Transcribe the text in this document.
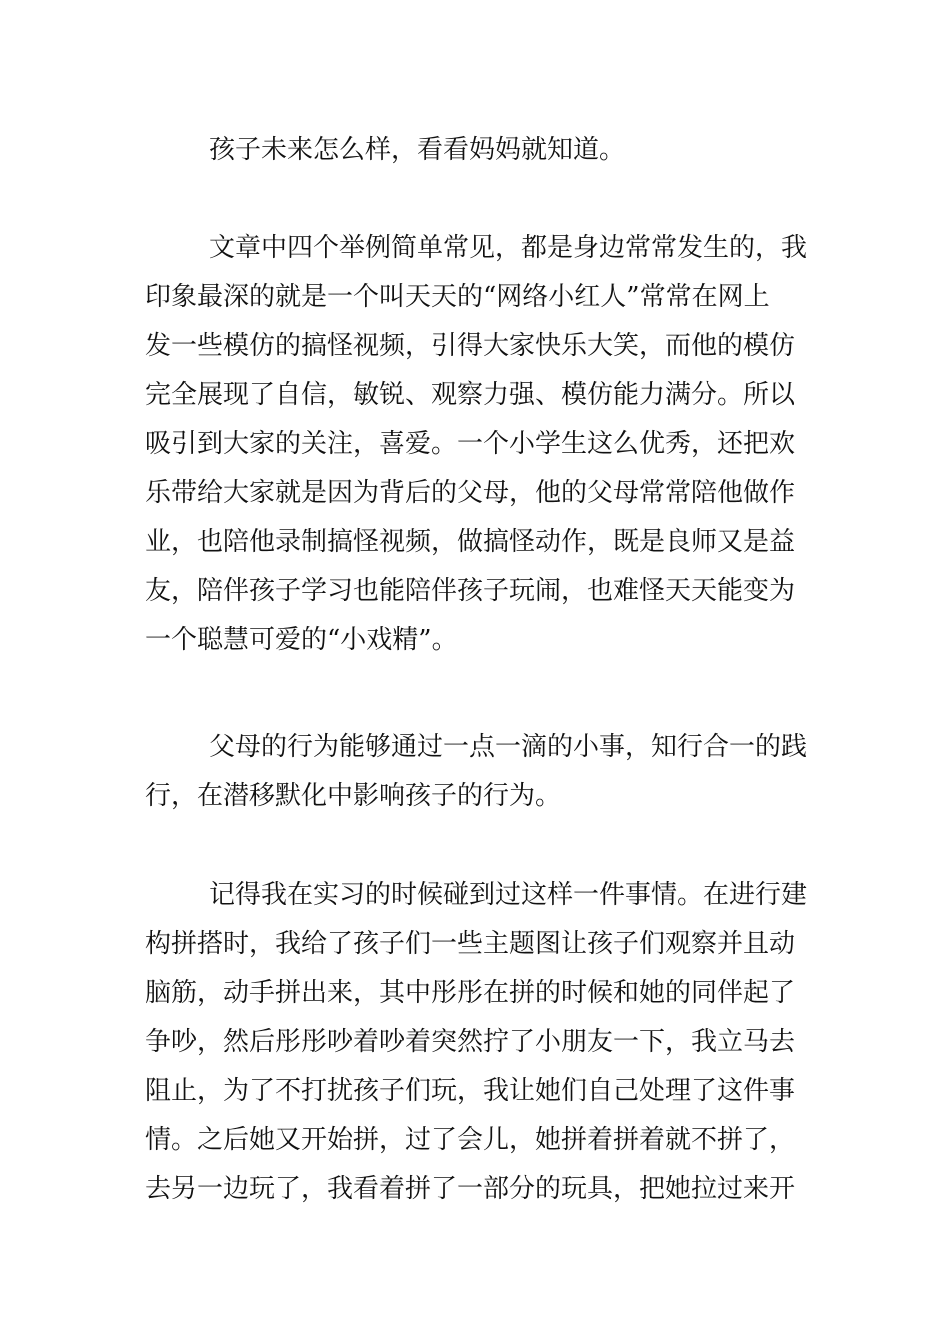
孩子未来怎么样，看看妈妈就知道。
文章中四个举例简单常见，都是身边常常发生的，我
印象最深的就是一个叫天天的“网络小红人”常常在网上
发一些模仿的搞怪视频，引得大家快乐大笑，而他的模仿
完全展现了自信，敏锐、观察力强、模仿能力满分。所以
吸引到大家的关注，喜爱。一个小学生这么优秀，还把欢
乐带给大家就是因为背后的父母，他的父母常常陪他做作
业，也陪他录制搞怪视频，做搞怪动作，既是良师又是益
友，陪伴孩子学习也能陪伴孩子玩闹，也难怪天天能变为
一个聪慧可爱的“小戏精”。
父母的行为能够通过一点一滴的小事，知行合一的践
行，在潜移默化中影响孩子的行为。
记得我在实习的时候碰到过这样一件事情。在进行建
构拼搭时，我给了孩子们一些主题图让孩子们观察并且动
脑筋，动手拼出来，其中彤彤在拼的时候和她的同伴起了
争吵，然后彤彤吵着吵着突然拧了小朋友一下，我立马去
阻止，为了不打扰孩子们玩，我让她们自己处理了这件事
情。之后她又开始拼，过了会儿，她拼着拼着就不拼了，
去另一边玩了，我看着拼了一部分的玩具，把她拉过来开
